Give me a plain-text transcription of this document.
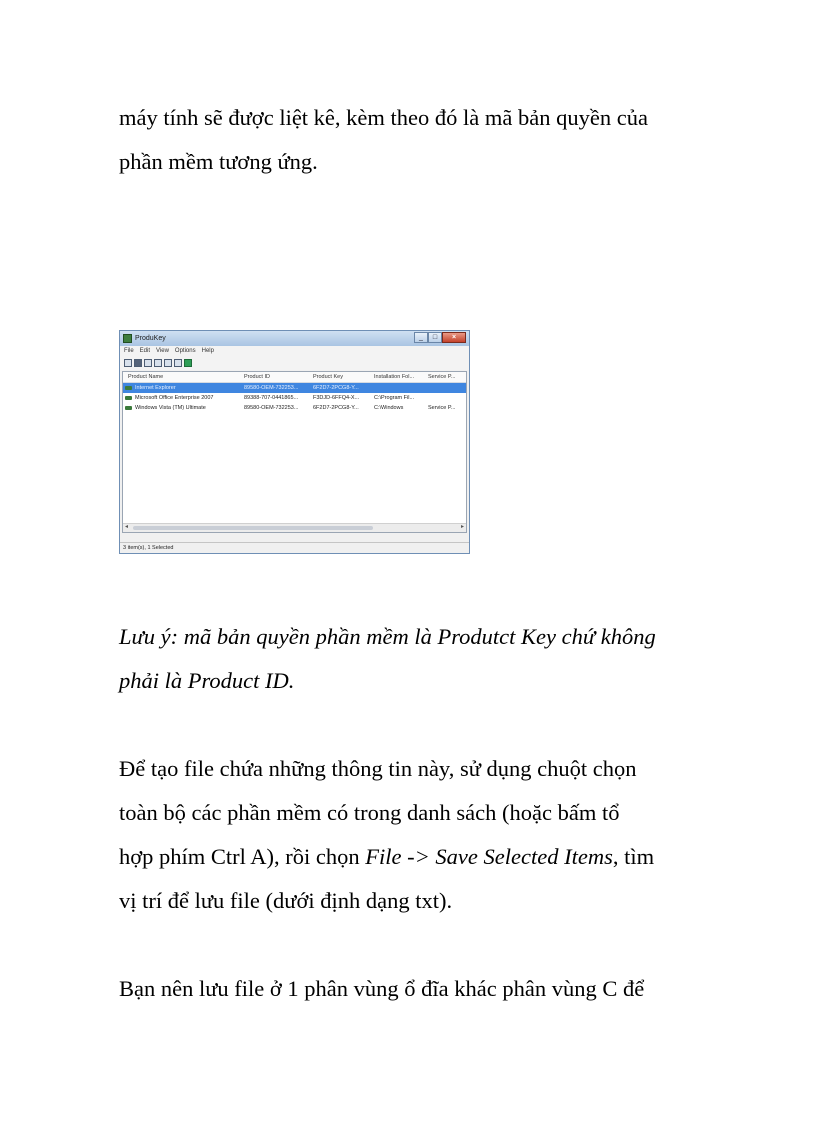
máy tính sẽ được liệt kê, kèm theo đó là mã bản quyền của
phần mềm tương ứng.

ProduKey	_	□	×
File Edit View Options Help
Product Name	Product ID	Product Key	Installation Fol...	Service P...
Internet Explorer	89580-OEM-732253...	6F2D7-2PCG8-Y...
Microsoft Office Enterprise 2007	89388-707-0441865...	F3DJD-6FFQ4-X...	C:\Program Fil...
Windows Vista (TM) Ultimate	89580-OEM-732253...	6F2D7-2PCG8-Y...	C:\Windows	Service P...
◂	▸
3 item(s), 1 Selected

Lưu ý: mã bản quyền phần mềm là Produtct Key chứ không
phải là Product ID.

Để tạo file chứa những thông tin này, sử dụng chuột chọn
toàn bộ các phần mềm có trong danh sách (hoặc bấm tổ
hợp phím Ctrl A), rồi chọn File -> Save Selected Items, tìm
vị trí để lưu file (dưới định dạng txt).

Bạn nên lưu file ở 1 phân vùng ổ đĩa khác phân vùng C để
